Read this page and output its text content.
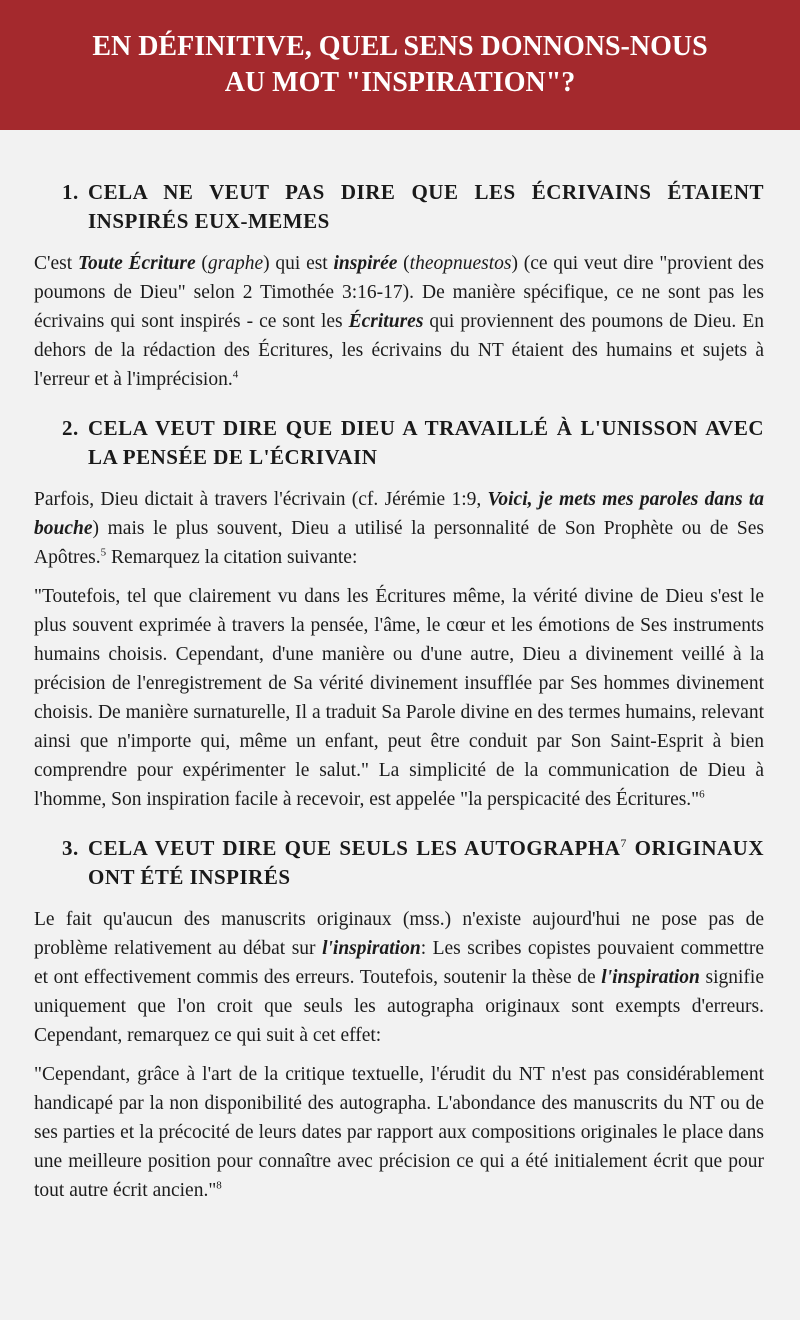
EN DÉFINITIVE, QUEL SENS DONNONS-NOUS AU MOT "INSPIRATION"?
1. CELA NE VEUT PAS DIRE QUE LES ÉCRIVAINS ÉTAIENT INSPIRÉS EUX-MEMES

C'est Toute Écriture (graphe) qui est inspirée (theopnuestos) (ce qui veut dire "provient des poumons de Dieu" selon 2 Timothée 3:16-17). De manière spécifique, ce ne sont pas les écrivains qui sont inspirés - ce sont les Écritures qui proviennent des poumons de Dieu. En dehors de la rédaction des Écritures, les écrivains du NT étaient des humains et sujets à l'erreur et à l'imprécision.$^4$

2. CELA VEUT DIRE QUE DIEU A TRAVAILLÉ À L'UNISSON AVEC LA PENSÉE DE L'ÉCRIVAIN

Parfois, Dieu dictait à travers l'écrivain (cf. Jérémie 1:9, Voici, je mets mes paroles dans ta bouche) mais le plus souvent, Dieu a utilisé la personnalité de Son Prophète ou de Ses Apôtres.$^5$ Remarquez la citation suivante:

"Toutefois, tel que clairement vu dans les Écritures même, la vérité divine de Dieu s'est le plus souvent exprimée à travers la pensée, l'âme, le cœur et les émotions de Ses instruments humains choisis. Cependant, d'une manière ou d'une autre, Dieu a divinement veillé à la précision de l'enregistrement de Sa vérité divinement insufflée par Ses hommes divinement choisis. De manière surnaturelle, Il a traduit Sa Parole divine en des termes humains, relevant ainsi que n'importe qui, même un enfant, peut être conduit par Son Saint-Esprit à bien comprendre pour expérimenter le salut." La simplicité de la communication de Dieu à l'homme, Son inspiration facile à recevoir, est appelée "la perspicacité des Écritures."$^6$

3. CELA VEUT DIRE QUE SEULS LES AUTOGRAPHA$^7$ ORIGINAUX ONT ÉTÉ INSPIRÉS

Le fait qu'aucun des manuscrits originaux (mss.) n'existe aujourd'hui ne pose pas de problème relativement au débat sur l'inspiration: Les scribes copistes pouvaient commettre et ont effectivement commis des erreurs. Toutefois, soutenir la thèse de l'inspiration signifie uniquement que l'on croit que seuls les autographa originaux sont exempts d'erreurs. Cependant, remarquez ce qui suit à cet effet:

"Cependant, grâce à l'art de la critique textuelle, l'érudit du NT n'est pas considérablement handicapé par la non disponibilité des autographa. L'abondance des manuscrits du NT ou de ses parties et la précocité de leurs dates par rapport aux compositions originales le place dans une meilleure position pour connaître avec précision ce qui a été initialement écrit que pour tout autre écrit ancien."$^8$
